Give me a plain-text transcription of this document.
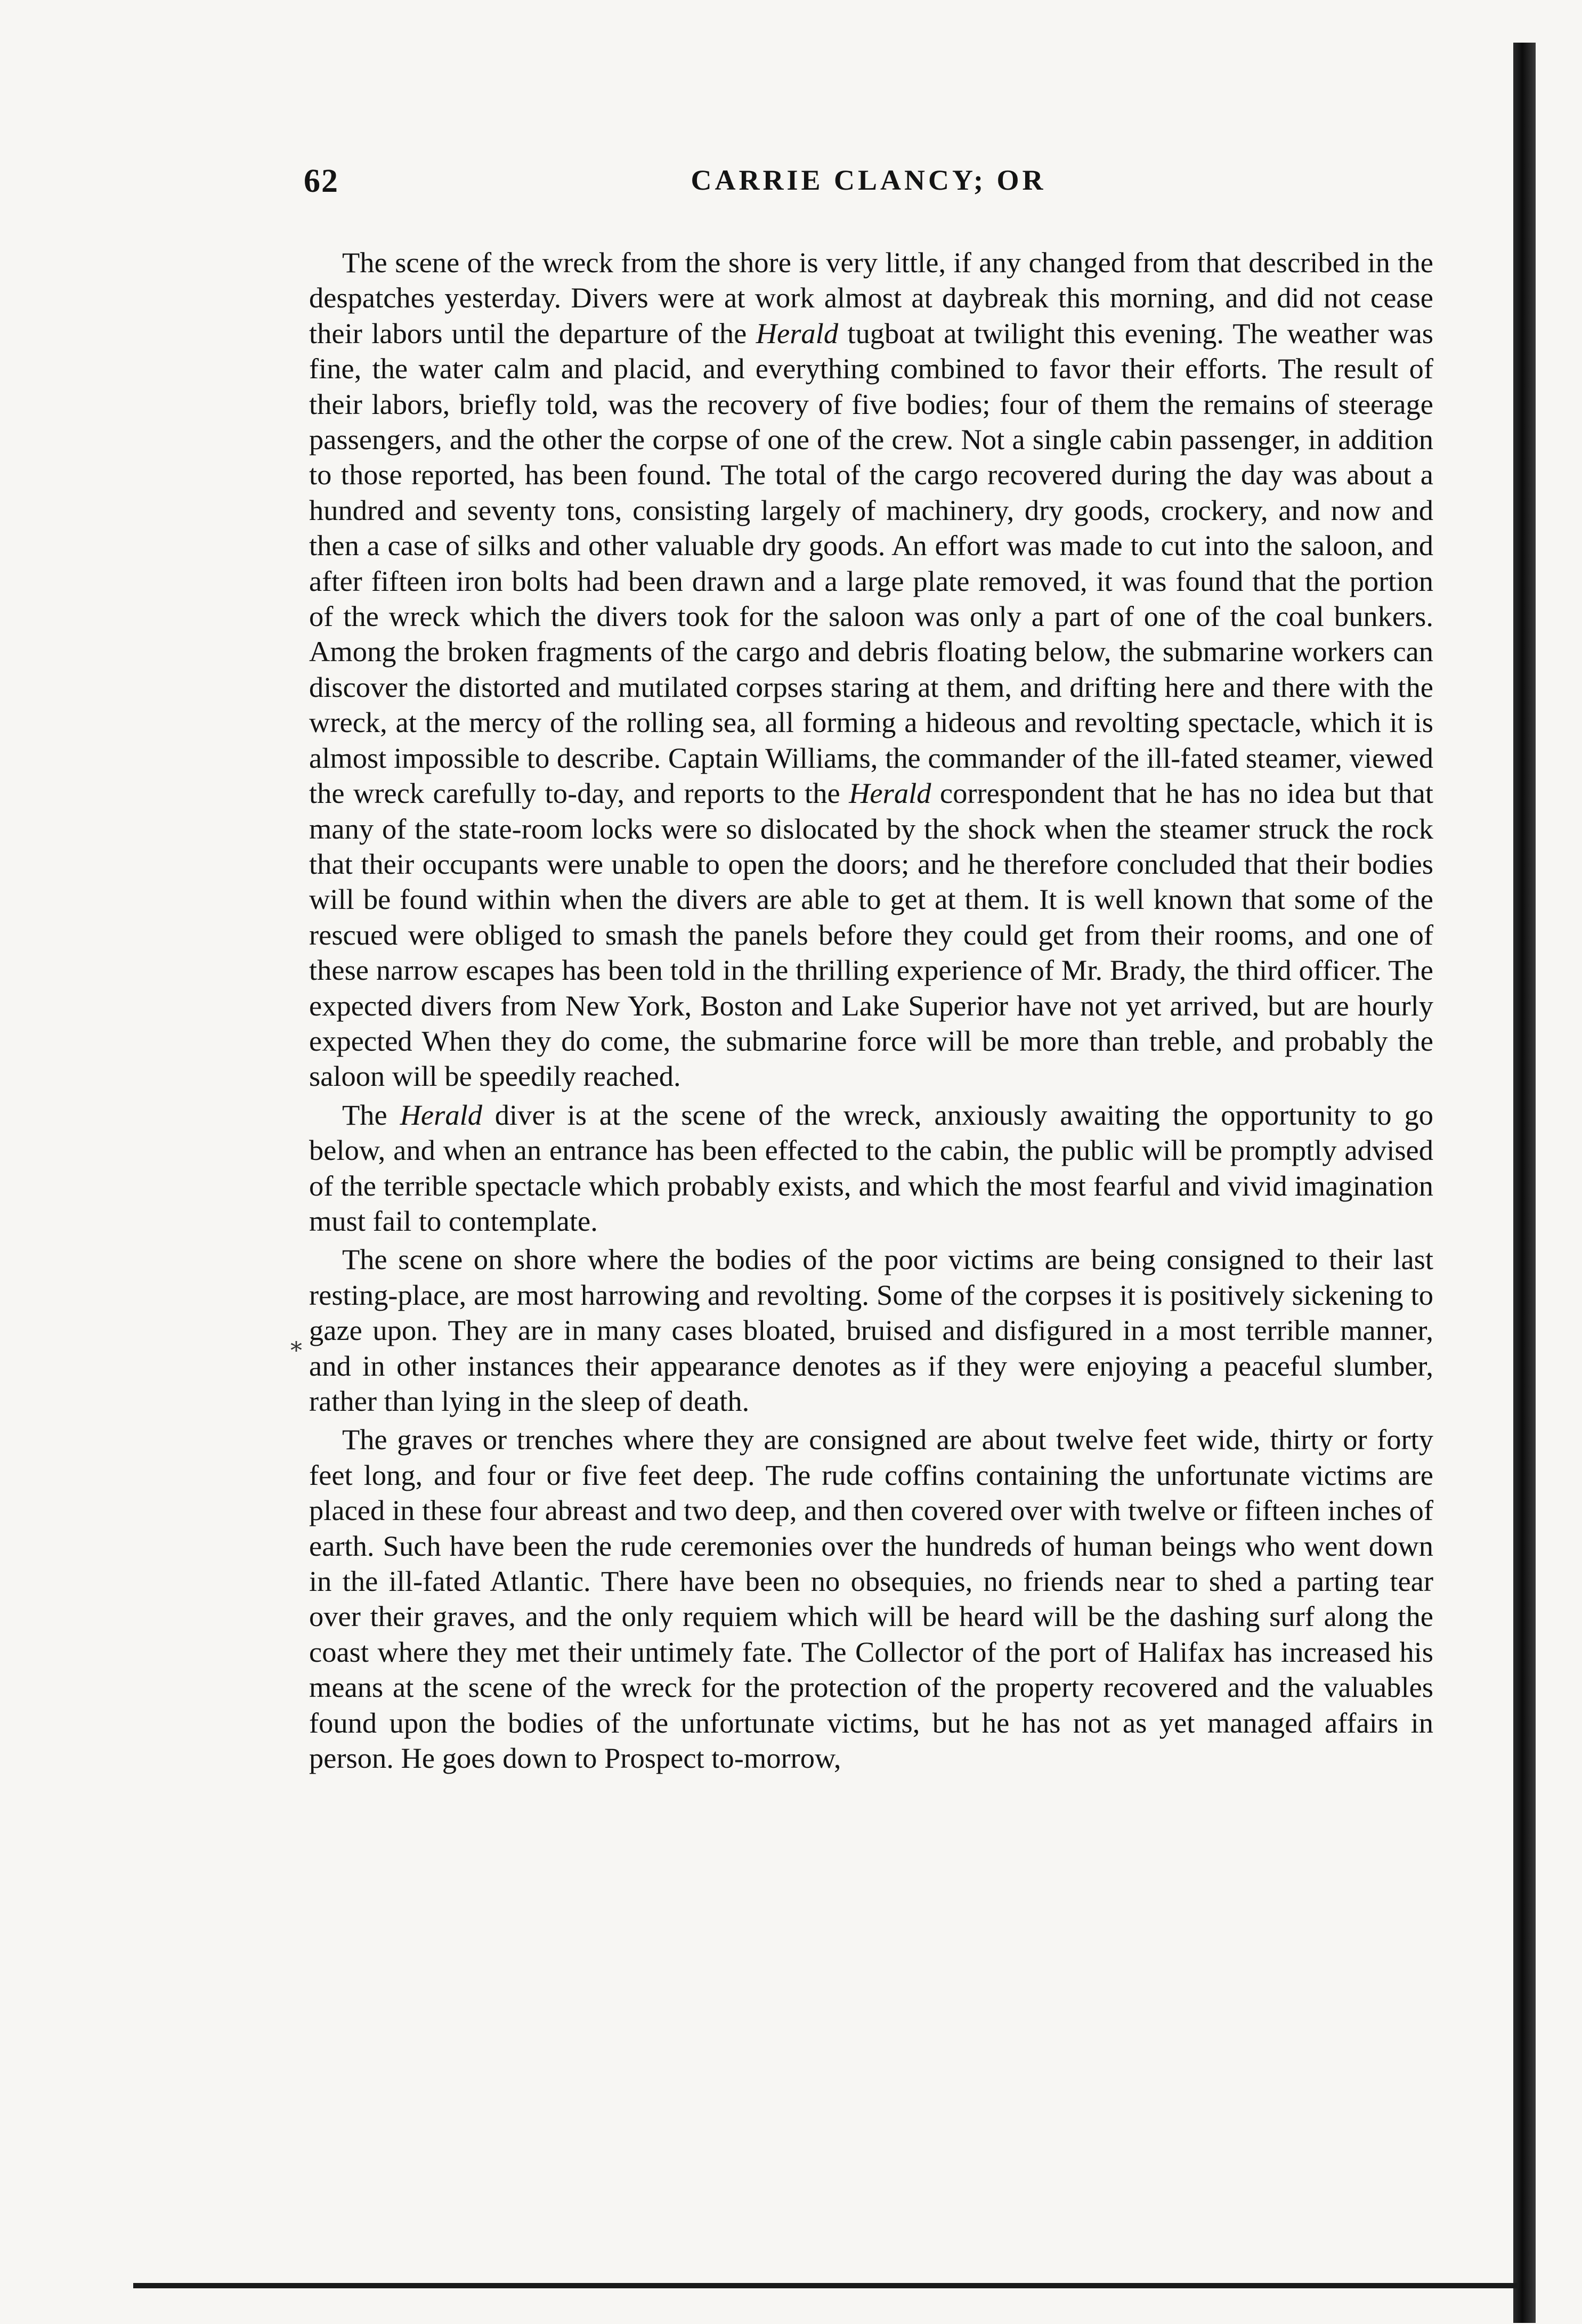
62	CARRIE CLANCY; OR

The scene of the wreck from the shore is very little, if any changed from that described in the despatches yesterday. Divers were at work almost at daybreak this morning, and did not cease their labors until the departure of the Herald tugboat at twilight this evening. The weather was fine, the water calm and placid, and everything combined to favor their efforts. The result of their labors, briefly told, was the recovery of five bodies; four of them the remains of steerage passengers, and the other the corpse of one of the crew. Not a single cabin passenger, in addition to those reported, has been found. The total of the cargo recovered during the day was about a hundred and seventy tons, consisting largely of machinery, dry goods, crockery, and now and then a case of silks and other valuable dry goods. An effort was made to cut into the saloon, and after fifteen iron bolts had been drawn and a large plate removed, it was found that the portion of the wreck which the divers took for the saloon was only a part of one of the coal bunkers. Among the broken fragments of the cargo and debris floating below, the submarine workers can discover the distorted and mutilated corpses staring at them, and drifting here and there with the wreck, at the mercy of the rolling sea, all forming a hideous and revolting spectacle, which it is almost impossible to describe. Captain Williams, the commander of the ill-fated steamer, viewed the wreck carefully to-day, and reports to the Herald correspondent that he has no idea but that many of the state-room locks were so dislocated by the shock when the steamer struck the rock that their occupants were unable to open the doors; and he therefore concluded that their bodies will be found within when the divers are able to get at them. It is well known that some of the rescued were obliged to smash the panels before they could get from their rooms, and one of these narrow escapes has been told in the thrilling experience of Mr. Brady, the third officer. The expected divers from New York, Boston and Lake Superior have not yet arrived, but are hourly expected When they do come, the submarine force will be more than treble, and probably the saloon will be speedily reached.

The Herald diver is at the scene of the wreck, anxiously awaiting the opportunity to go below, and when an entrance has been effected to the cabin, the public will be promptly advised of the terrible spectacle which probably exists, and which the most fearful and vivid imagination must fail to contemplate.

The scene on shore where the bodies of the poor victims are being consigned to their last resting-place, are most harrowing and revolting. Some of the corpses it is positively sickening to gaze upon. They are in many cases bloated, bruised and disfigured in a most terrible manner, and in other instances their appearance denotes as if they were enjoying a peaceful slumber, rather than lying in the sleep of death.

The graves or trenches where they are consigned are about twelve feet wide, thirty or forty feet long, and four or five feet deep. The rude coffins containing the unfortunate victims are placed in these four abreast and two deep, and then covered over with twelve or fifteen inches of earth. Such have been the rude ceremonies over the hundreds of human beings who went down in the ill-fated Atlantic. There have been no obsequies, no friends near to shed a parting tear over their graves, and the only requiem which will be heard will be the dashing surf along the coast where they met their untimely fate. The Collector of the port of Halifax has increased his means at the scene of the wreck for the protection of the property recovered and the valuables found upon the bodies of the unfortunate victims, but he has not as yet managed affairs in person. He goes down to Prospect to-morrow,

*
